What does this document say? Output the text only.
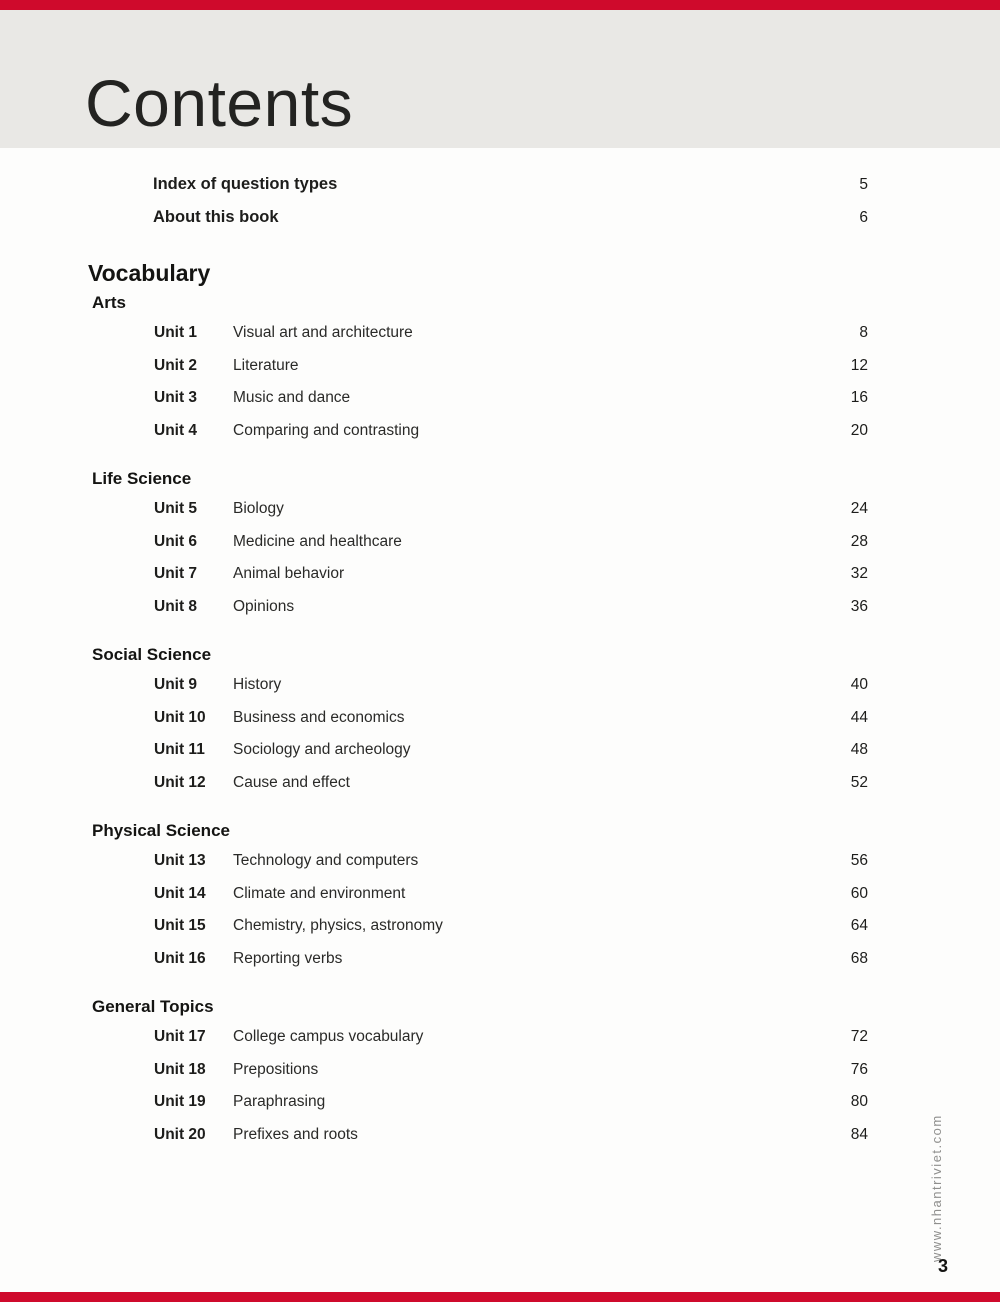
Contents
Index of question types	5
About this book	6
Vocabulary
Arts
Unit 1	Visual art and architecture	8
Unit 2	Literature	12
Unit 3	Music and dance	16
Unit 4	Comparing and contrasting	20
Life Science
Unit 5	Biology	24
Unit 6	Medicine and healthcare	28
Unit 7	Animal behavior	32
Unit 8	Opinions	36
Social Science
Unit 9	History	40
Unit 10	Business and economics	44
Unit 11	Sociology and archeology	48
Unit 12	Cause and effect	52
Physical Science
Unit 13	Technology and computers	56
Unit 14	Climate and environment	60
Unit 15	Chemistry, physics, astronomy	64
Unit 16	Reporting verbs	68
General Topics
Unit 17	College campus vocabulary	72
Unit 18	Prepositions	76
Unit 19	Paraphrasing	80
Unit 20	Prefixes and roots	84	www.nhantriviet.com
3
